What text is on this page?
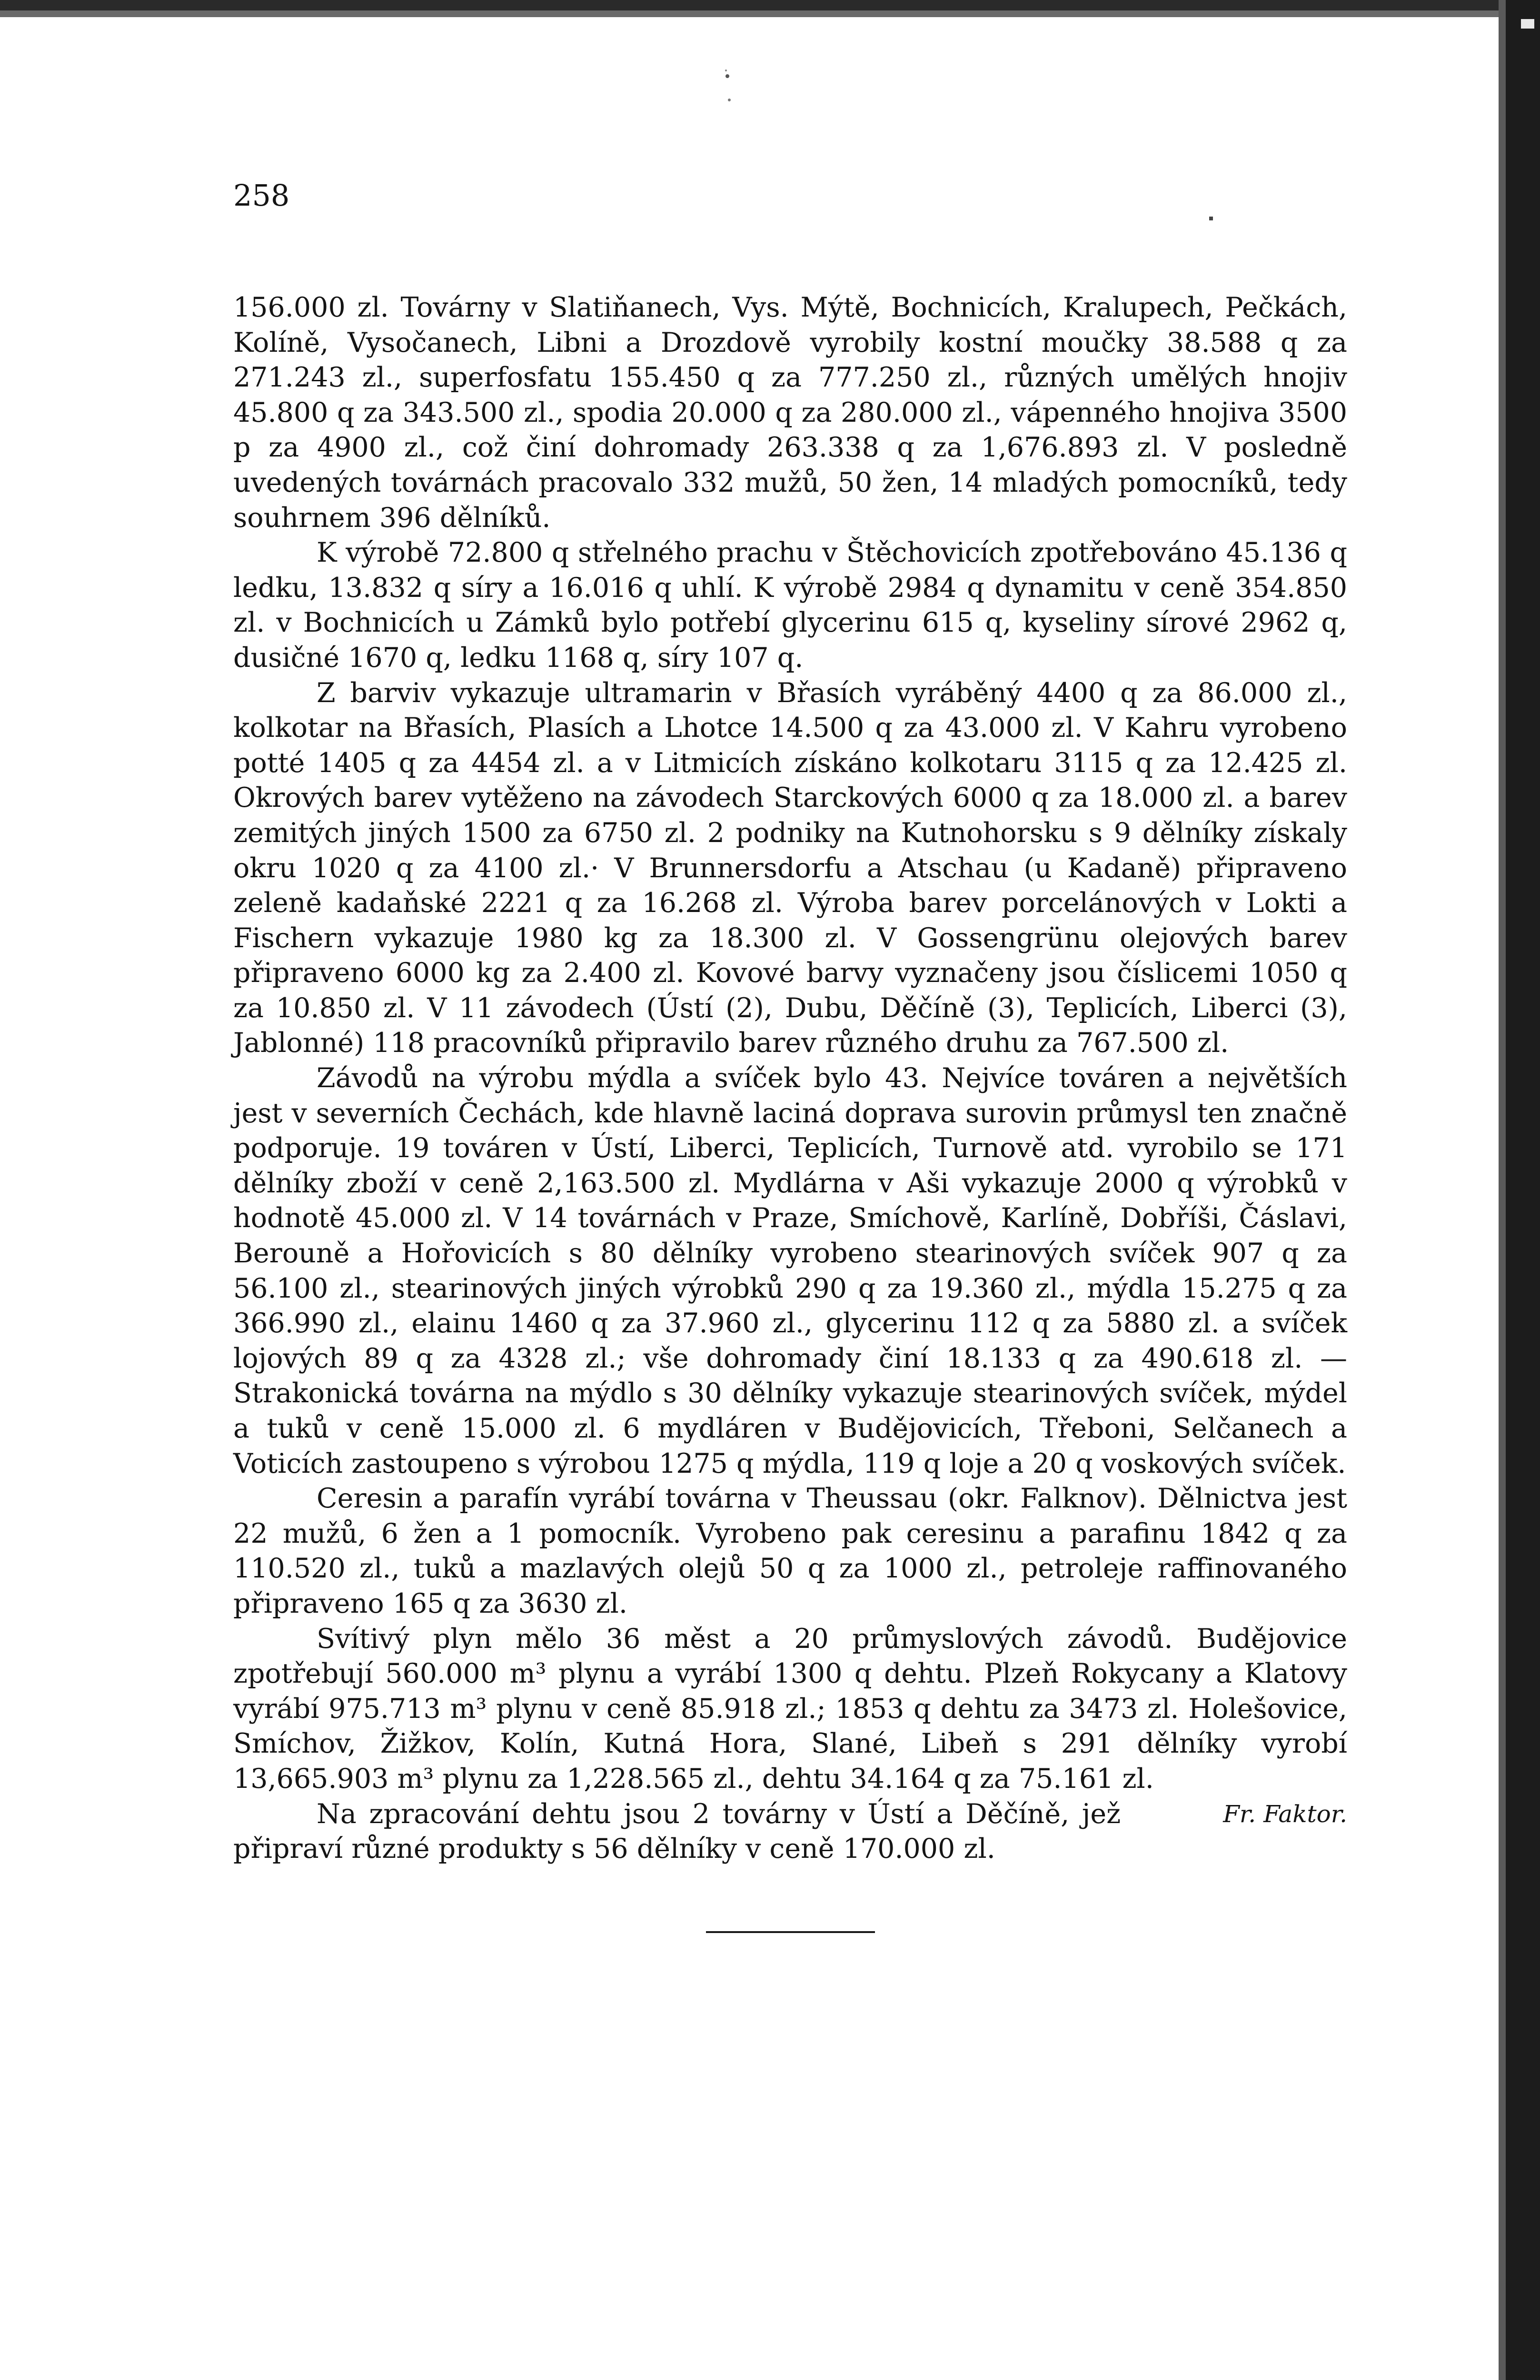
258

156.000 zl. Továrny v Slatiňanech, Vys. Mýtě, Bochnicích, Kralupech, Pečkách, Kolíně, Vysočanech, Libni a Drozdově vyrobily kostní moučky 38.588 q za 271.243 zl., superfosfatu 155.450 q za 777.250 zl., různých umělých hnojiv 45.800 q za 343.500 zl., spodia 20.000 q za 280.000 zl., vápenného hnojiva 3500 p za 4900 zl., což činí dohromady 263.338 q za 1,676.893 zl. V posledně uvedených továrnách pracovalo 332 mužů, 50 žen, 14 mladých pomocníků, tedy souhrnem 396 dělníků.

K výrobě 72.800 q střelného prachu v Štěchovicích zpotřebováno 45.136 q ledku, 13.832 q síry a 16.016 q uhlí. K výrobě 2984 q dynamitu v ceně 354.850 zl. v Bochnicích u Zámků bylo potřebí glycerinu 615 q, kyseliny sírové 2962 q, dusičné 1670 q, ledku 1168 q, síry 107 q.

Z barviv vykazuje ultramarin v Břasích vyráběný 4400 q za 86.000 zl., kolkotar na Břasích, Plasích a Lhotce 14.500 q za 43.000 zl. V Kahru vyrobeno potté 1405 q za 4454 zl. a v Litmicích získáno kolkotaru 3115 q za 12.425 zl. Okrových barev vytěženo na závodech Starckových 6000 q za 18.000 zl. a barev zemitých jiných 1500 za 6750 zl. 2 podniky na Kutnohorsku s 9 dělníky získaly okru 1020 q za 4100 zl.· V Brunnersdorfu a Atschau (u Kadaně) připraveno zeleně kadaňské 2221 q za 16.268 zl. Výroba barev porcelánových v Lokti a Fischern vykazuje 1980 kg za 18.300 zl. V Gossengrünu olejových barev připraveno 6000 kg za 2.400 zl. Kovové barvy vyznačeny jsou číslicemi 1050 q za 10.850 zl. V 11 závodech (Ústí (2), Dubu, Děčíně (3), Teplicích, Liberci (3), Jablonné) 118 pracovníků připravilo barev různého druhu za 767.500 zl.

Závodů na výrobu mýdla a svíček bylo 43. Nejvíce továren a největších jest v severních Čechách, kde hlavně laciná doprava surovin průmysl ten značně podporuje. 19 továren v Ústí, Liberci, Teplicích, Turnově atd. vyrobilo se 171 dělníky zboží v ceně 2,163.500 zl. Mydlárna v Aši vykazuje 2000 q výrobků v hodnotě 45.000 zl. V 14 továrnách v Praze, Smíchově, Karlíně, Dobříši, Čáslavi, Berouně a Hořovicích s 80 dělníky vyrobeno stearinových svíček 907 q za 56.100 zl., stearinových jiných výrobků 290 q za 19.360 zl., mýdla 15.275 q za 366.990 zl., elainu 1460 q za 37.960 zl., glycerinu 112 q za 5880 zl. a svíček lojových 89 q za 4328 zl.; vše dohromady činí 18.133 q za 490.618 zl. — Strakonická továrna na mýdlo s 30 dělníky vykazuje stearinových svíček, mýdel a tuků v ceně 15.000 zl. 6 mydláren v Budějovicích, Třeboni, Selčanech a Voticích zastoupeno s výrobou 1275 q mýdla, 119 q loje a 20 q voskových svíček.

Ceresin a parafín vyrábí továrna v Theussau (okr. Falknov). Dělnictva jest 22 mužů, 6 žen a 1 pomocník. Vyrobeno pak ceresinu a parafinu 1842 q za 110.520 zl., tuků a mazlavých olejů 50 q za 1000 zl., petroleje raffinovaného připraveno 165 q za 3630 zl.

Svítivý plyn mělo 36 měst a 20 průmyslových závodů. Budějovice zpotřebují 560.000 m³ plynu a vyrábí 1300 q dehtu. Plzeň Rokycany a Klatovy vyrábí 975.713 m³ plynu v ceně 85.918 zl.; 1853 q dehtu za 3473 zl. Holešovice, Smíchov, Žižkov, Kolín, Kutná Hora, Slané, Libeň s 291 dělníky vyrobí 13,665.903 m³ plynu za 1,228.565 zl., dehtu 34.164 q za 75.161 zl.

Fr. Faktor.
Na zpracování dehtu jsou 2 továrny v Ústí a Děčíně, jež připraví různé produkty s 56 dělníky v ceně 170.000 zl.
